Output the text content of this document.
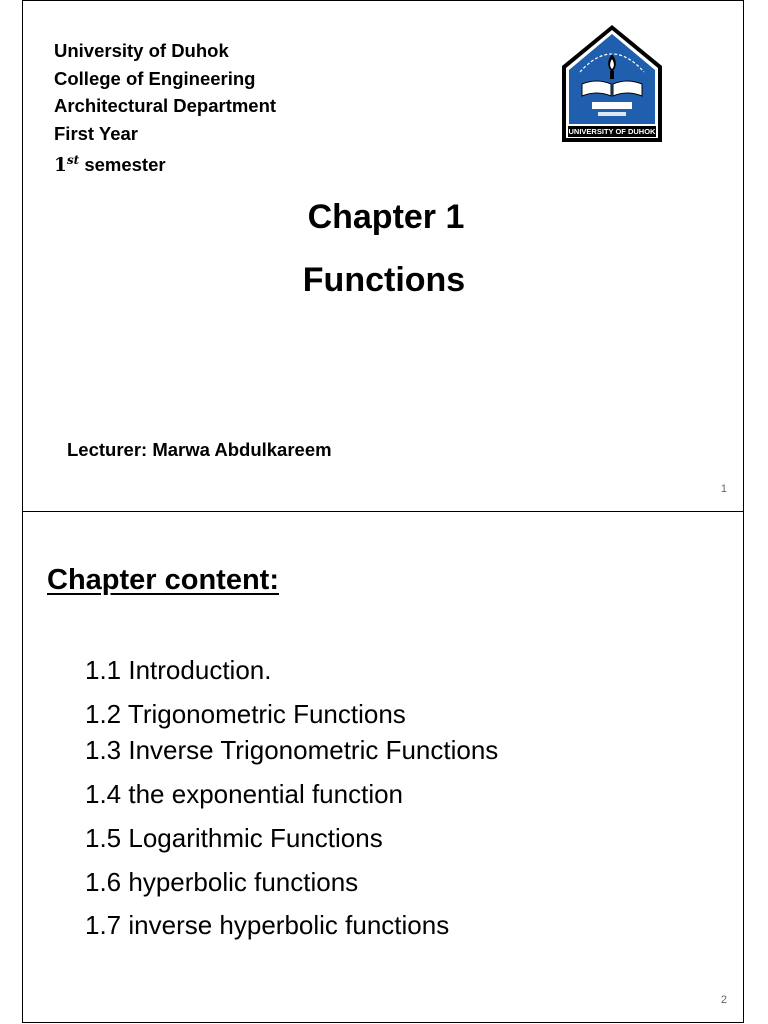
University of Duhok
College of Engineering
Architectural Department
First Year
1st semester
UNIVERSITY OF DUHOK
Chapter 1
Functions
Lecturer: Marwa Abdulkareem
1
Chapter content:
1.1 Introduction.
1.2 Trigonometric Functions
1.3 Inverse Trigonometric Functions
1.4 the exponential function
1.5 Logarithmic Functions
1.6 hyperbolic functions
1.7 inverse hyperbolic functions
2
